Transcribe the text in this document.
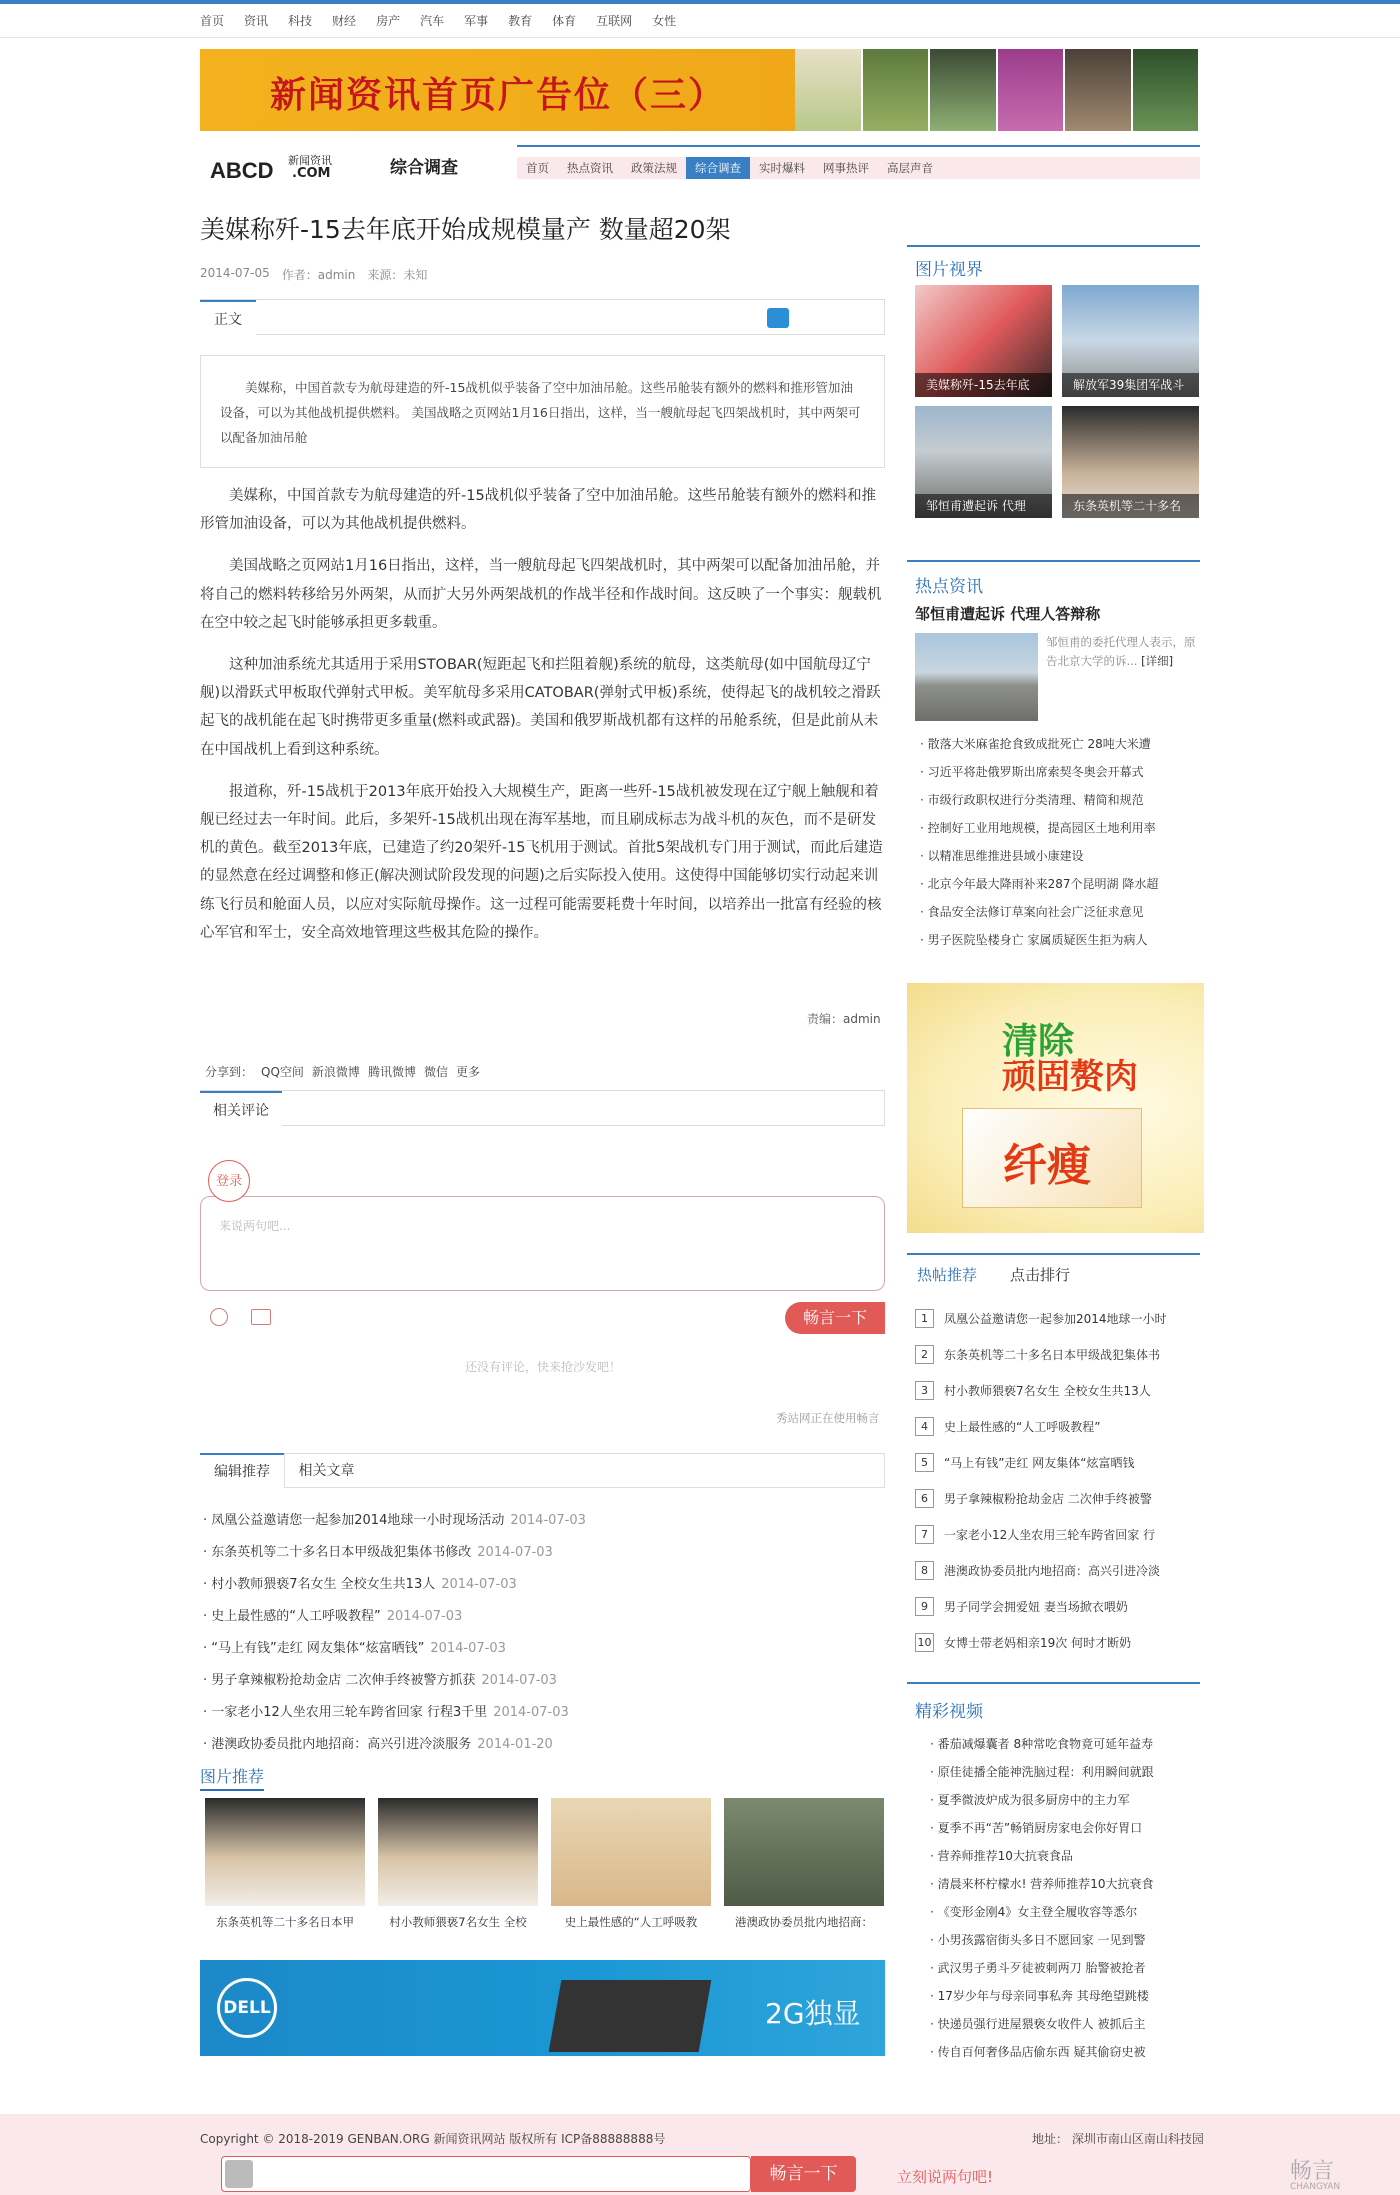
首页 资讯 科技 财经 房产 汽车 军事 教育 体育 互联网 女性
新闻资讯首页广告位（三）
ABCD 新闻资讯
.COM	综合调查	首页	热点资讯	政策法规	综合调查	实时爆料	网事热评	高层声音
美媒称歼-15去年底开始成规模量产 数量超20架
2014-07-05 作者：admin 来源：未知
正文
美媒称，中国首款专为航母建造的歼-15战机似乎装备了空中加油吊舱。这些吊舱装有额外的燃料和推形管加油设备，可以为其他战机提供燃料。 美国战略之页网站1月16日指出，这样，当一艘航母起飞四架战机时，其中两架可以配备加油吊舱

美媒称，中国首款专为航母建造的歼-15战机似乎装备了空中加油吊舱。这些吊舱装有额外的燃料和推形管加油设备，可以为其他战机提供燃料。

美国战略之页网站1月16日指出，这样，当一艘航母起飞四架战机时，其中两架可以配备加油吊舱，并将自己的燃料转移给另外两架，从而扩大另外两架战机的作战半径和作战时间。这反映了一个事实：舰载机在空中较之起飞时能够承担更多载重。

这种加油系统尤其适用于采用STOBAR(短距起飞和拦阻着舰)系统的航母，这类航母(如中国航母辽宁舰)以滑跃式甲板取代弹射式甲板。美军航母多采用CATOBAR(弹射式甲板)系统，使得起飞的战机较之滑跃起飞的战机能在起飞时携带更多重量(燃料或武器)。美国和俄罗斯战机都有这样的吊舱系统，但是此前从未在中国战机上看到这种系统。

报道称，歼-15战机于2013年底开始投入大规模生产，距离一些歼-15战机被发现在辽宁舰上触舰和着舰已经过去一年时间。此后，多架歼-15战机出现在海军基地，而且刷成标志为战斗机的灰色，而不是研发机的黄色。截至2013年底，已建造了约20架歼-15飞机用于测试。首批5架战机专门用于测试，而此后建造的显然意在经过调整和修正(解决测试阶段发现的问题)之后实际投入使用。这使得中国能够切实行动起来训练飞行员和舱面人员，以应对实际航母操作。这一过程可能需要耗费十年时间，以培养出一批富有经验的核心军官和军士，安全高效地管理这些极其危险的操作。

责编：admin
分享到： QQ空间 新浪微博 腾讯微博 微信 更多
相关评论
来说两句吧...
登录
畅言一下
还没有评论，快来抢沙发吧！
秀站网正在使用畅言
编辑推荐	相关文章
· 凤凰公益邀请您一起参加2014地球一小时现场活动 2014-07-03
· 东条英机等二十多名日本甲级战犯集体书修改 2014-07-03
· 村小教师猥亵7名女生 全校女生共13人 2014-07-03
· 史上最性感的“人工呼吸教程” 2014-07-03
· “马上有钱”走红 网友集体“炫富晒钱” 2014-07-03
· 男子拿辣椒粉抢劫金店 二次伸手终被警方抓获 2014-07-03
· 一家老小12人坐农用三轮车跨省回家 行程3千里 2014-07-03
· 港澳政协委员批内地招商：高兴引进冷淡服务 2014-01-20
图片推荐
东条英机等二十多名日本甲	村小教师猥亵7名女生 全校	史上最性感的“人工呼吸教	港澳政协委员批内地招商：
DELL	2G独显
图片视界
美媒称歼-15去年底	解放军39集团军战斗
邹恒甫遭起诉 代理	东条英机等二十多名
热点资讯
邹恒甫遭起诉 代理人答辩称
邹恒甫的委托代理人表示，原告北京大学的诉... [详细]
· 散落大米麻雀抢食致成批死亡 28吨大米遭
· 习近平将赴俄罗斯出席索契冬奥会开幕式
· 市级行政职权进行分类清理、精简和规范
· 控制好工业用地规模，提高园区土地利用率
· 以精准思维推进县域小康建设
· 北京今年最大降雨补来287个昆明湖 降水超
· 食品安全法修订草案向社会广泛征求意见
· 男子医院坠楼身亡 家属质疑医生拒为病人
清除
顽固赘肉
纤瘦
热帖推荐 点击排行
1	凤凰公益邀请您一起参加2014地球一小时
2	东条英机等二十多名日本甲级战犯集体书
3	村小教师猥亵7名女生 全校女生共13人
4	史上最性感的“人工呼吸教程”
5	“马上有钱”走红 网友集体“炫富晒钱
6	男子拿辣椒粉抢劫金店 二次伸手终被警
7	一家老小12人坐农用三轮车跨省回家 行
8	港澳政协委员批内地招商：高兴引进冷淡
9	男子同学会拥爱妞 妻当场掀衣喂奶
10 女博士带老妈相亲19次 何时才断奶
精彩视频
· 番茄减爆囊者 8种常吃食物竟可延年益寿
· 原佳徒播全能神洗脑过程：利用瞬间就跟
· 夏季微波炉成为很多厨房中的主力军
· 夏季不再“苦”畅销厨房家电会你好胃口
· 营养师推荐10大抗衰食品
· 清晨来杯柠檬水! 营养师推荐10大抗衰食
· 《变形金刚4》女主登全履收容等悉尔
· 小男孩露宿街头多日不愿回家 一见到警
· 武汉男子勇斗歹徒被刺两刀 胎警被抢者
· 17岁少年与母亲同事私奔 其母绝望跳楼
· 快递员强行进屋猥亵女收件人 被抓后主
· 传自百何奢侈品店偷东西 疑其偷窃史被
Copyright © 2018-2019 GENBAN.ORG 新闻资讯网站 版权所有 ICP备88888888号	地址： 深圳市南山区南山科技园
畅言一下	立刻说两句吧!	畅言
CHANGYAN
